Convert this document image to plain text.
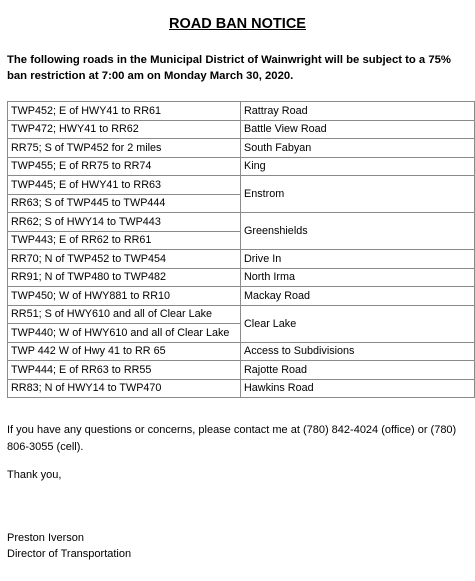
ROAD BAN NOTICE
The following roads in the Municipal District of Wainwright will be subject to a 75% ban restriction at 7:00 am on Monday March 30, 2020.
TWP452; E of HWY41 to RR61	Rattray Road
TWP472; HWY41 to RR62	Battle View Road
RR75; S of TWP452 for 2 miles	South Fabyan
TWP455; E of RR75 to RR74	King
TWP445; E of HWY41 to RR63	Enstrom
RR63; S of TWP445 to TWP444	
RR62; S of HWY14 to TWP443	Greenshields
TWP443; E of RR62 to RR61	
RR70; N of TWP452 to TWP454	Drive In
RR91; N of TWP480 to TWP482	North Irma
TWP450; W of HWY881 to RR10	Mackay Road
RR51; S of HWY610 and all of Clear Lake	Clear Lake
TWP440; W of HWY610 and all of Clear Lake	
TWP 442 W of Hwy 41 to RR 65	Access to Subdivisions
TWP444; E of RR63 to RR55	Rajotte Road
RR83; N of HWY14 to TWP470	Hawkins Road
If you have any questions or concerns, please contact me at (780) 842-4024 (office) or (780) 806-3055 (cell).
Thank you,
Preston Iverson
Director of Transportation
